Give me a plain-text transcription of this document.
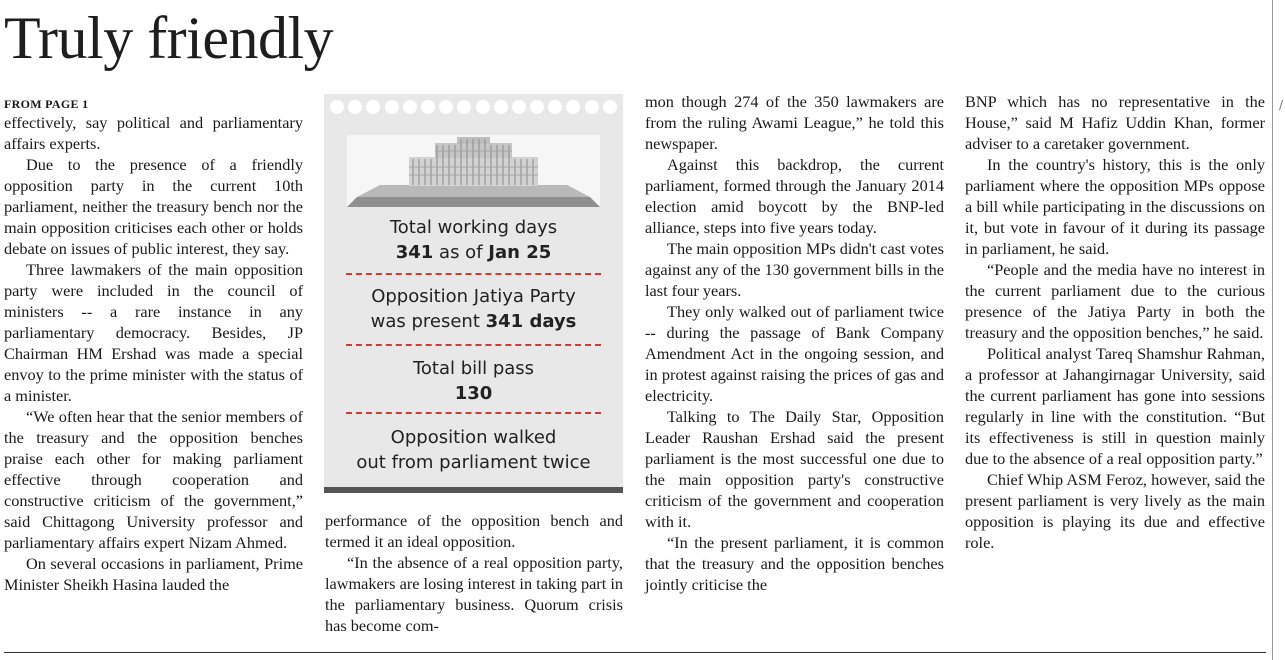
Truly friendly
FROM PAGE 1

effectively, say political and parliamentary affairs experts.

Due to the presence of a friendly opposition party in the current 10th parliament, neither the treasury bench nor the main opposition criticises each other or holds debate on issues of public interest, they say.

Three lawmakers of the main opposition party were included in the council of ministers -- a rare instance in any parliamentary democracy. Besides, JP Chairman HM Ershad was made a special envoy to the prime minister with the status of a minister.

“We often hear that the senior members of the treasury and the opposition benches praise each other for making parliament effective through cooperation and constructive criticism of the government,” said Chittagong University professor and parliamentary affairs expert Nizam Ahmed.

On several occasions in parliament, Prime Minister Sheikh Hasina lauded the

Total working days
341 as of Jan 25
Opposition Jatiya Party
was present 341 days
Total bill pass
130
Opposition walked
out from parliament twice

performance of the opposition bench and termed it an ideal opposition.

“In the absence of a real opposition party, lawmakers are losing interest in taking part in the parliamentary business. Quorum crisis has become com-

mon though 274 of the 350 lawmakers are from the ruling Awami League,” he told this newspaper.

Against this backdrop, the current parliament, formed through the January 2014 election amid boycott by the BNP-led alliance, steps into five years today.

The main opposition MPs didn't cast votes against any of the 130 government bills in the last four years.

They only walked out of parliament twice -- during the passage of Bank Company Amendment Act in the ongoing session, and in protest against raising the prices of gas and electricity.

Talking to The Daily Star, Opposition Leader Raushan Ershad said the present parliament is the most successful one due to the main opposition party's constructive criticism of the government and cooperation with it.

“In the present parliament, it is common that the treasury and the opposition benches jointly criticise the

BNP which has no representative in the House,” said M Hafiz Uddin Khan, former adviser to a caretaker government.

In the country's history, this is the only parliament where the opposition MPs oppose a bill while participating in the discussions on it, but vote in favour of it during its passage in parliament, he said.

“People and the media have no interest in the current parliament due to the curious presence of the Jatiya Party in both the treasury and the opposition benches,” he said.

Political analyst Tareq Shamshur Rahman, a professor at Jahangirnagar University, said the current parliament has gone into sessions regularly in line with the constitution. “But its effectiveness is still in question mainly due to the absence of a real opposition party.”

Chief Whip ASM Feroz, however, said the present parliament is very lively as the main opposition is playing its due and effective role.

/
